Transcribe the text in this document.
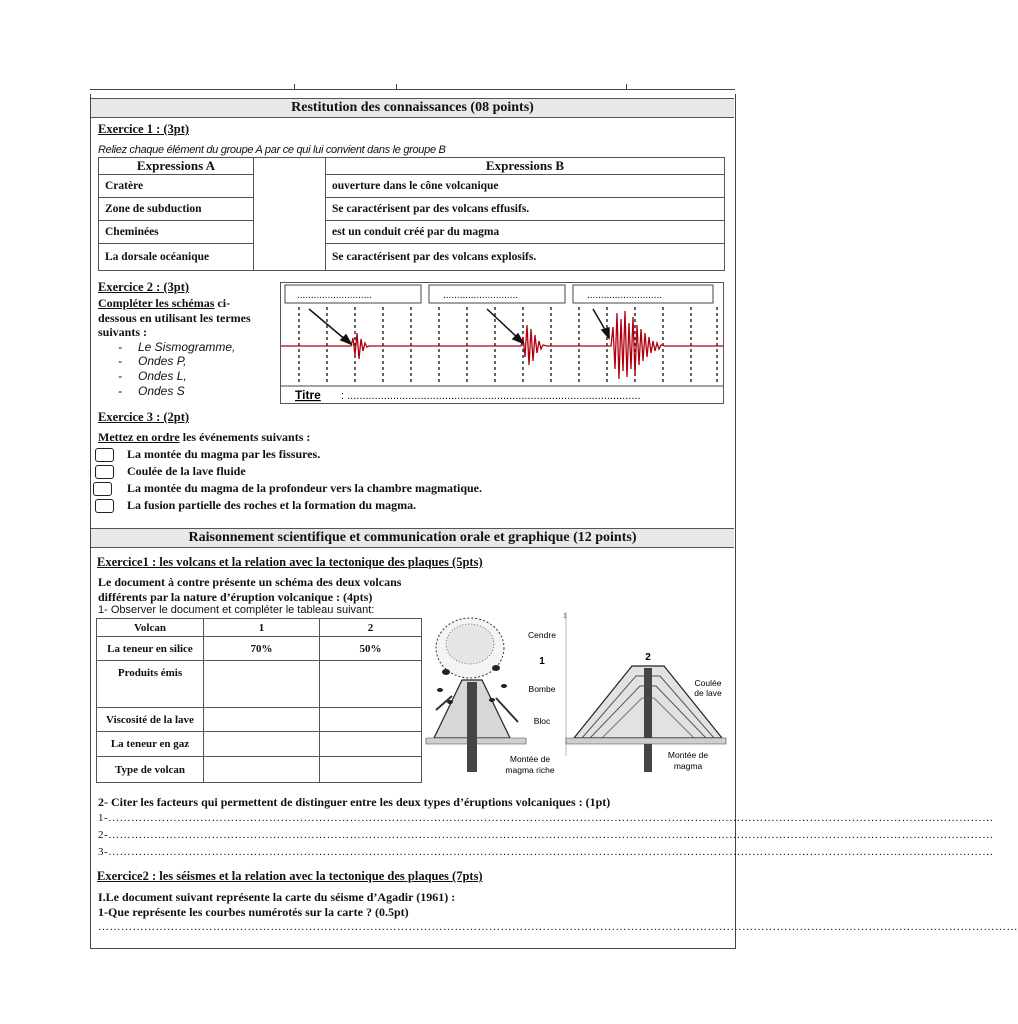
Restitution des connaissances (08 points)
Exercice 1 : (3pt)
Reliez chaque élément du groupe A par ce qui lui convient dans le groupe B
Expressions A		Expressions B
Cratère		ouverture dans le cône volcanique
Zone de subduction		Se caractérisent par des volcans effusifs.
Cheminées		est un conduit créé par du magma
La dorsale océanique		Se caractérisent par des volcans explosifs.
Exercice 2 : (3pt)
Compléter les schémas ci-
dessous en utilisant les termes
suivants :
- Le Sismogramme,
- Ondes P,
- Ondes L,
- Ondes S
...........................	...........................	...........................
Titre : ................................................................................................
Exercice 3 : (2pt)
Mettez en ordre les événements suivants :
La montée du magma par les fissures.
Coulée de la lave fluide
La montée du magma de la profondeur vers la chambre magmatique.
La fusion partielle des roches et la formation du magma.
Raisonnement scientifique et communication orale et graphique (12 points)
Exercice1 : les volcans et la relation avec la tectonique des plaques (5pts)
Le document à contre présente un schéma des deux volcans
différents par la nature d’éruption volcanique : (4pts)
1- Observer le document et compléter le tableau suivant:
Volcan	1	2
La teneur en silice	70%	50%
Produits émis		
Viscosité de la lave		
La teneur en gaz		
Type de volcan		
1
Cendre
1
Bombe
Bloc
Montée de
magma riche
2
Coulée
de lave
Montée de
magma
2- Citer les facteurs qui permettent de distinguer entre les deux types d’éruptions volcaniques : (1pt)
1-……………………………………………………………………………………………………………………………………………………………………………………………………………
2-……………………………………………………………………………………………………………………………………………………………………………………………………………
3-……………………………………………………………………………………………………………………………………………………………………………………………………………
Exercice2 : les séismes et la relation avec la tectonique des plaques (7pts)
I.Le document suivant représente la carte du séisme d’Agadir (1961) :
1-Que représente les courbes numérotés sur la carte ? (0.5pt)
……………………………………………………………………………………………………………………………………………………………………………………………………………………
